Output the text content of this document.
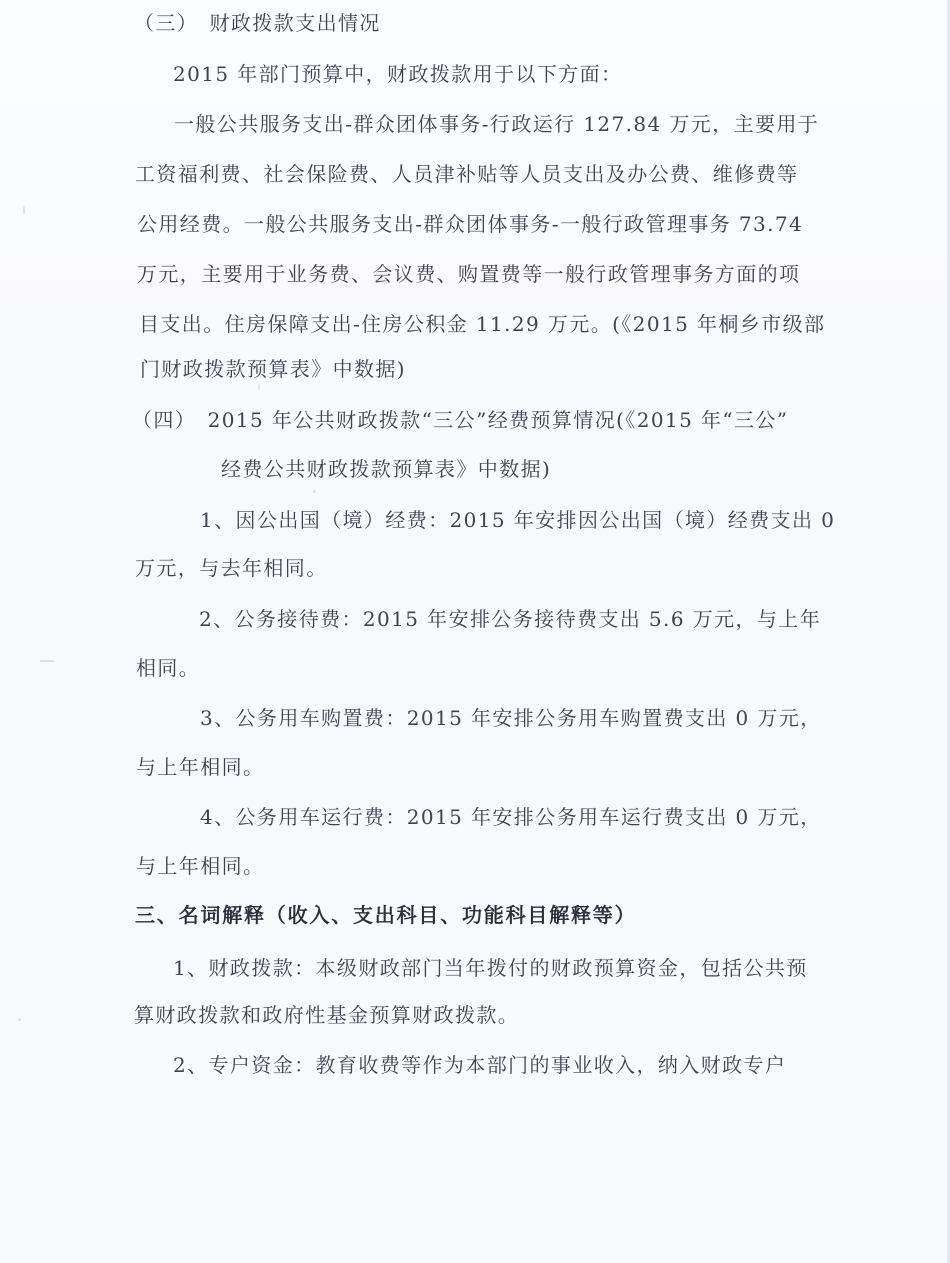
（三）　财政拨款支出情况
2015 年部门预算中，财政拨款用于以下方面：
一般公共服务支出-群众团体事务-行政运行 127.84 万元，主要用于
工资福利费、社会保险费、人员津补贴等人员支出及办公费、维修费等
公用经费。一般公共服务支出-群众团体事务-一般行政管理事务 73.74
万元，主要用于业务费、会议费、购置费等一般行政管理事务方面的项
目支出。住房保障支出-住房公积金 11.29 万元。(《2015 年桐乡市级部
门财政拨款预算表》中数据)
（四）　2015 年公共财政拨款“三公”经费预算情况(《2015 年“三公”
经费公共财政拨款预算表》中数据)
1、因公出国（境）经费：2015 年安排因公出国（境）经费支出 0
万元，与去年相同。
2、公务接待费：2015 年安排公务接待费支出 5.6 万元，与上年
相同。
3、公务用车购置费：2015 年安排公务用车购置费支出 0 万元，
与上年相同。
4、公务用车运行费：2015 年安排公务用车运行费支出 0 万元，
与上年相同。
三、名词解释（收入、支出科目、功能科目解释等）
1、财政拨款：本级财政部门当年拨付的财政预算资金，包括公共预
算财政拨款和政府性基金预算财政拨款。
2、专户资金：教育收费等作为本部门的事业收入，纳入财政专户
